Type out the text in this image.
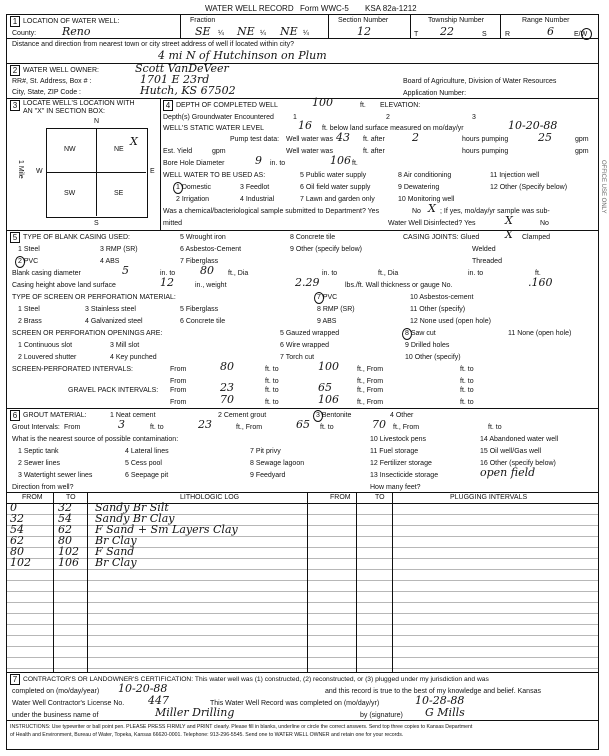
WATER WELL RECORD Form WWC-5 KSA 82a-1212
1 LOCATION OF WATER WELL:	Fraction	Section Number	Township Number	Range Number
County: Reno	SE ¼ NE ¼ NE ¼	12	T 22	S	R	6	E/W
Distance and direction from nearest town or city street address of well if located within city?
4 mi N of Hutchinson on Plum
2 WATER WELL OWNER:	Scott VanDeVeer
RR#, St. Address, Box # :	1701 E 23rd	Board of Agriculture, Division of Water Resources
City, State, ZIP Code :	Hutch, KS 67502	Application Number:
3 LOCATE WELL'S LOCATION WITH
AN "X" IN SECTION BOX:
N
S
W	E
1 Mile
NW	NE
SW	SE
X
4 DEPTH OF COMPLETED WELL	100	ft. ELEVATION:
Depth(s) Groundwater Encountered	1	2	3
WELL'S STATIC WATER LEVEL	16 ft. below land surface measured on mo/day/yr	10-20-88
Pump test data: Well water was 43 ft. after 2	hours pumping	25	gpm
Est. Yield	gpm	Well water was	ft. after	hours pumping	gpm
Bore Hole Diameter	9 in. to	106 ft.
WELL WATER TO BE USED AS:
1 Domestic
2 Irrigation
3 Feedlot
4 Industrial
5 Public water supply
6 Oil field water supply
7 Lawn and garden only
8 Air conditioning
9 Dewatering
10 Monitoring well
11 Injection well
12 Other (Specify below)
Was a chemical/bacteriological sample submitted to Department? Yes	No X ; If yes, mo/day/yr sample was sub-
mitted	Water Well Disinfected? Yes	X	No
5 TYPE OF BLANK CASING USED:
1 Steel
2 PVC
3 RMP (SR)
4 ABS
5 Wrought iron
6 Asbestos-Cement
7 Fiberglass
8 Concrete tile
9 Other (specify below)
CASING JOINTS: Glued X Clamped
Welded
Threaded
Blank casing diameter	5	in. to 80 ft., Dia	in. to	ft., Dia	in. to	ft.
Casing height above land surface	12	in., weight	2.29	lbs./ft. Wall thickness or gauge No.	.160
TYPE OF SCREEN OR PERFORATION MATERIAL:
1 Steel
2 Brass
3 Stainless steel
4 Galvanized steel
5 Fiberglass
6 Concrete tile
7 PVC
8 RMP (SR)
9 ABS
10 Asbestos-cement
11 Other (specify)
12 None used (open hole)
SCREEN OR PERFORATION OPENINGS ARE:
1 Continuous slot
2 Louvered shutter
3 Mill slot
4 Key punched
5 Gauzed wrapped
6 Wire wrapped
7 Torch cut
8 Saw cut
9 Drilled holes
10 Other (specify)
11 None (open hole)
SCREEN-PERFORATED INTERVALS:	From	80	ft. to	100	ft., From	ft. to
From	ft. to	ft., From	ft. to
GRAVEL PACK INTERVALS: From	23	ft. to	65	ft., From	ft. to
From	70	ft. to	106	ft., From	ft. to
6 GROUT MATERIAL:	1 Neat cement	2 Cement grout	3 Bentonite	4 Other
Grout Intervals: From	3	ft. to	23	ft., From	65 ft. to	70 ft., From	ft. to
What is the nearest source of possible contamination:
1 Septic tank
2 Sewer lines
3 Watertight sewer lines
4 Lateral lines
5 Cess pool
6 Seepage pit
7 Pit privy
8 Sewage lagoon
9 Feedyard
10 Livestock pens
11 Fuel storage
12 Fertilizer storage
13 Insecticide storage
14 Abandoned water well
15 Oil well/Gas well
16 Other (specify below)
open field
Direction from well?	How many feet?
FROM	TO	LITHOLOGIC LOG	FROM	TO	PLUGGING INTERVALS
0	32 Sandy Br Silt
32	54 Sandy Br Clay
54	62 F Sand + Sm Layers Clay
62	80 Br Clay
80	102 F Sand
102 106 Br Clay
7 CONTRACTOR'S OR LANDOWNER'S CERTIFICATION: This water well was (1) constructed, (2) reconstructed, or (3) plugged under my jurisdiction and was
completed on (mo/day/year) 10-20-88	and this record is true to the best of my knowledge and belief. Kansas
Water Well Contractor's License No. 447	This Water Well Record was completed on (mo/day/yr)	10-28-88
under the business name of	Miller Drilling	by (signature) G Mills
INSTRUCTIONS: Use typewriter or ball point pen. PLEASE PRESS FIRMLY and PRINT clearly. Please fill in blanks, underline or circle the correct answers. Send top three copies to Kansas Department
of Health and Environment, Bureau of Water, Topeka, Kansas 66620-0001. Telephone: 913-296-5545. Send one to WATER WELL OWNER and retain one for your records.
OFFICE USE ONLY
